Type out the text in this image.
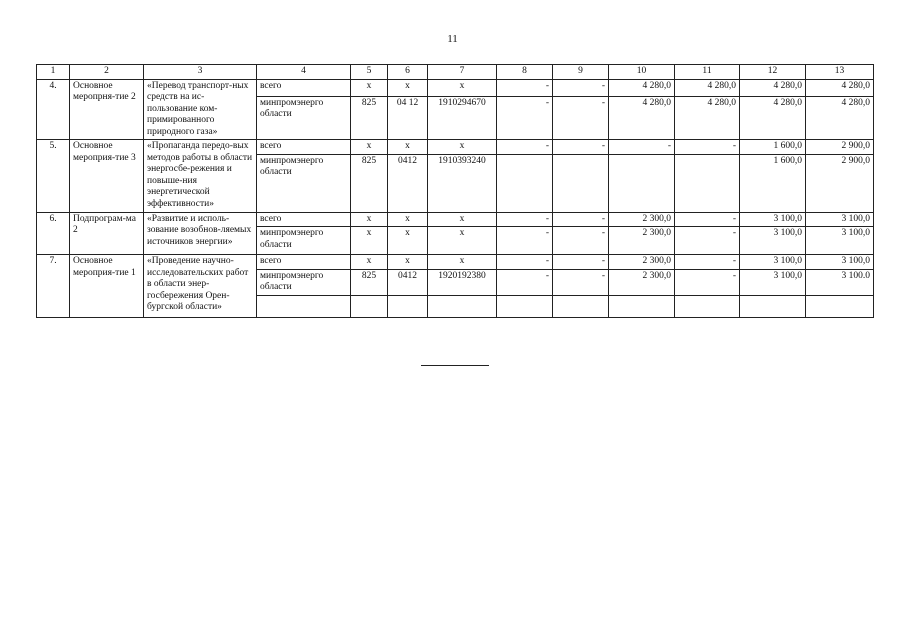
11
1	2	3	4	5	6	7	8	9	10	11	12	13
4.	Основное меропрня-тие 2	«Перевод транспорт-ных средств на ис-пользование ком-примированного природного газа»	всего	х	х	х	-	-	4 280,0	4 280,0	4 280,0	4 280,0
			минпромэнерго области	825	04 12	1910294670	-	-	4 280,0	4 280,0	4 280,0	4 280,0
5.	Основное мероприя-тие 3	«Пропаганда передо-вых методов работы в области энергосбе-режения и повыше-ния энергетической эффективности»	всего	х	х	х	-	-	-	-	1 600,0	2 900,0
			минпромэнерго области	825	0412	1910393240					1 600,0	2 900,0
6.	Подпрограм-ма 2	«Развитие и исполь-зование возобнов-ляемых источников энергии»	всего	х	х	х	-	-	2 300,0	-	3 100,0	3 100,0
			минпромэнерго области	х	х	х	-	-	2 300,0	-	3 100,0	3 100,0
7.	Основное мероприя-тие 1	«Проведение научно-исследовательских работ в области энер-госбережения Орен-бургской области»	всего	х	х	х	-	-	2 300,0	-	3 100,0	3 100,0
			минпромэнерго области	825	0412	1920192380	-	-	2 300,0	-	3 100,0	3 100.0
